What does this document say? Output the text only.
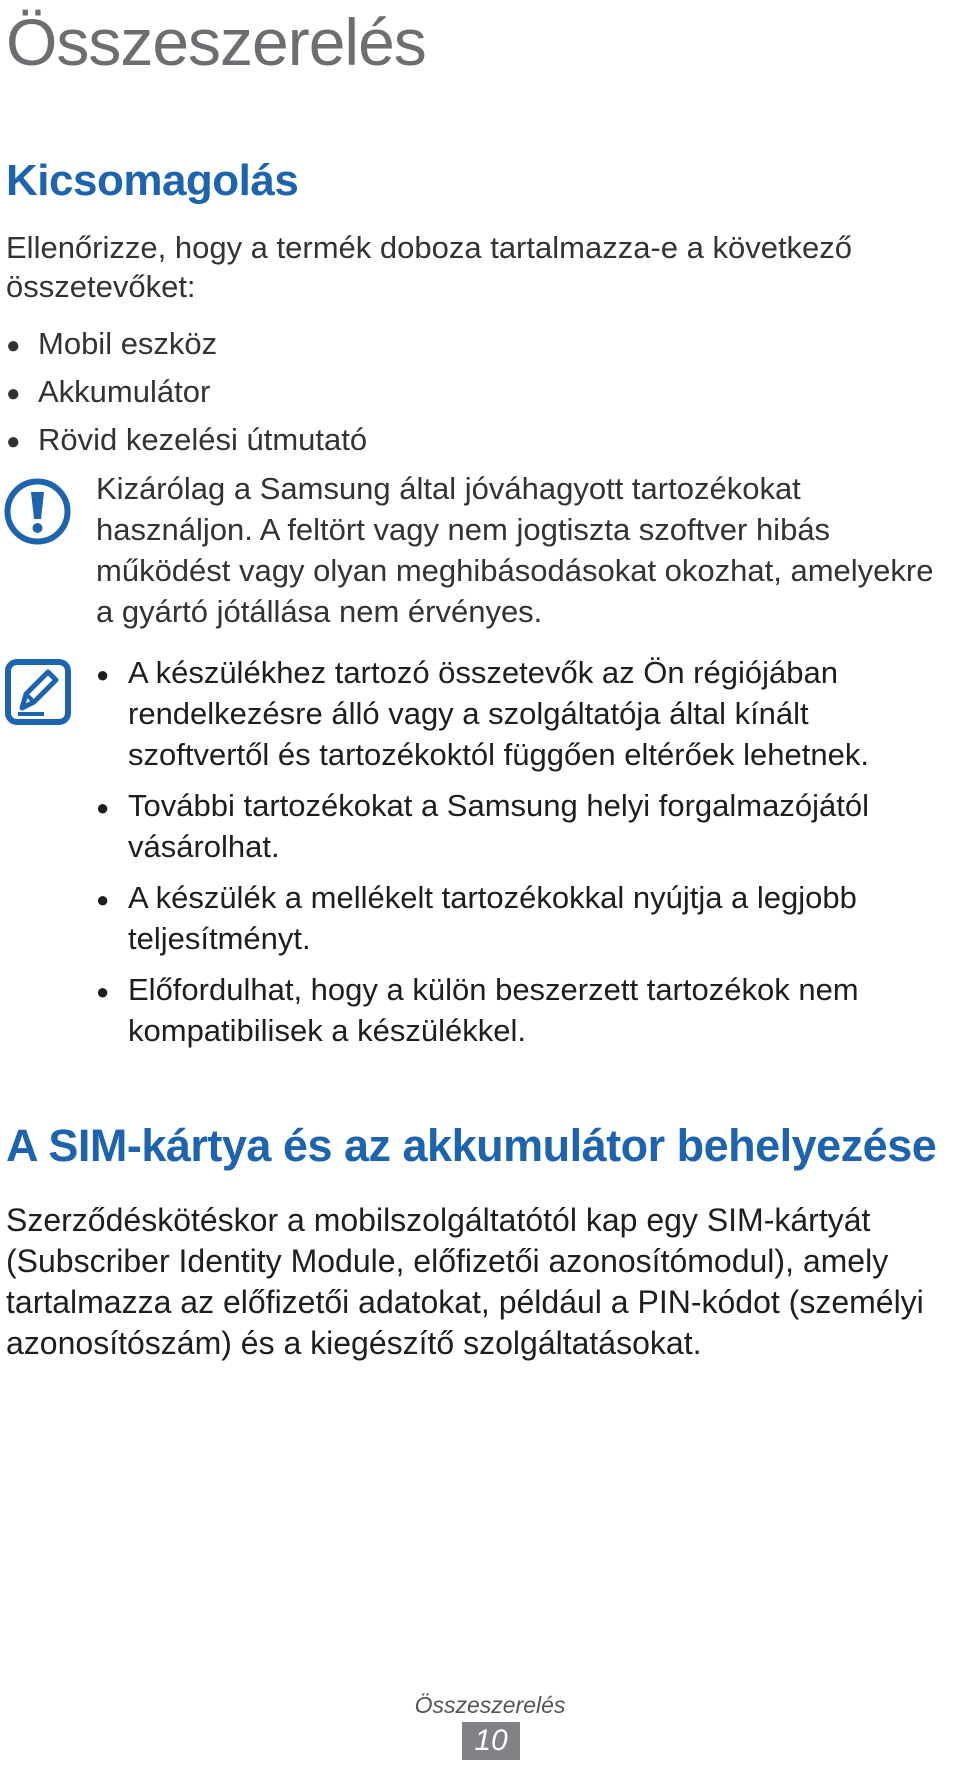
Összeszerelés
Kicsomagolás

Ellenőrizze, hogy a termék doboza tartalmazza-e a következő összetevőket:

● Mobil eszköz
● Akkumulátor
● Rövid kezelési útmutató

Kizárólag a Samsung által jóváhagyott tartozékokat használjon. A feltört vagy nem jogtiszta szoftver hibás működést vagy olyan meghibásodásokat okozhat, amelyekre a gyártó jótállása nem érvényes.

● A készülékhez tartozó összetevők az Ön régiójában rendelkezésre álló vagy a szolgáltatója által kínált szoftvertől és tartozékoktól függően eltérőek lehetnek.
● További tartozékokat a Samsung helyi forgalmazójától vásárolhat.
● A készülék a mellékelt tartozékokkal nyújtja a legjobb teljesítményt.
● Előfordulhat, hogy a külön beszerzett tartozékok nem kompatibilisek a készülékkel.
A SIM-kártya és az akkumulátor behelyezése

Szerződéskötéskor a mobilszolgáltatótól kap egy SIM-kártyát (Subscriber Identity Module, előfizetői azonosítómodul), amely tartalmazza az előfizetői adatokat, például a PIN-kódot (személyi azonosítószám) és a kiegészítő szolgáltatásokat.

Összeszerelés
10
